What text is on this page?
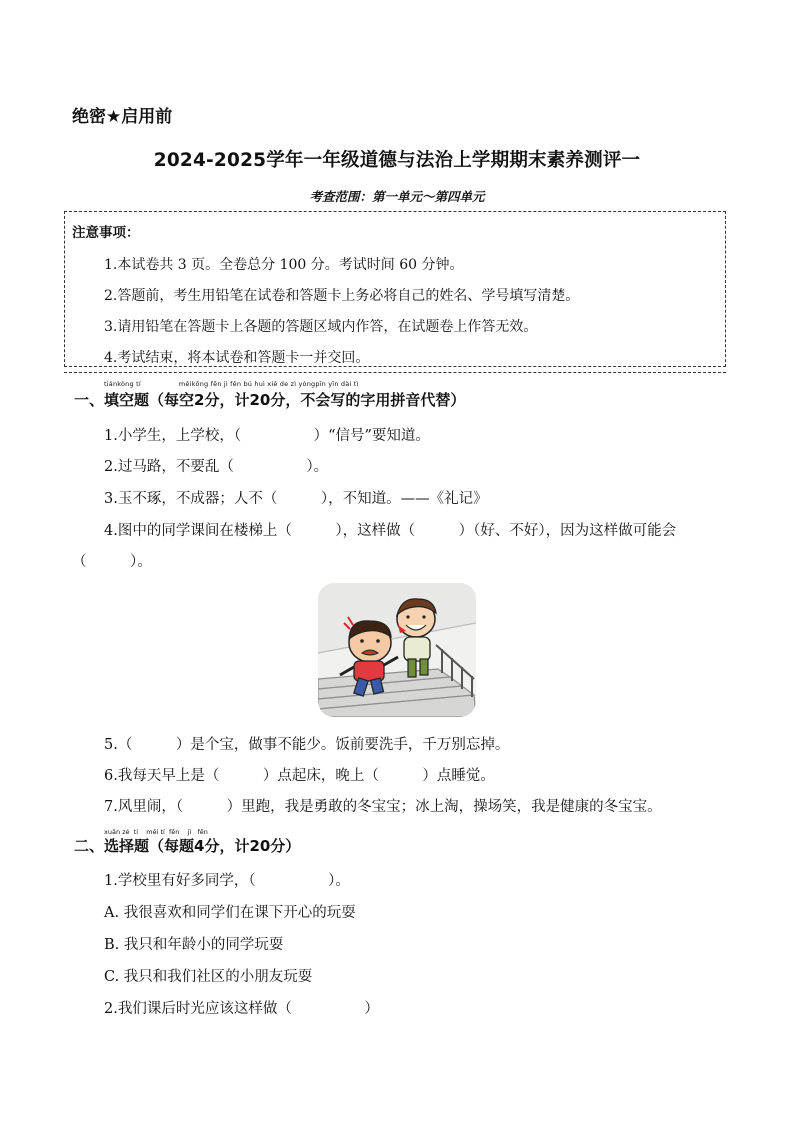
绝密★启用前
2024-2025学年一年级道德与法治上学期期末素养测评一
考查范围：第一单元～第四单元
注意事项：
1.本试卷共 3 页。全卷总分 100 分。考试时间 60 分钟。
2.答题前，考生用铅笔在试卷和答题卡上务必将自己的姓名、学号填写清楚。
3.请用铅笔在答题卡上各题的答题区域内作答，在试题卷上作答无效。
4.考试结束，将本试卷和答题卡一并交回。
tiánkòng tí	měikōng fēn jì fēn bú huì xiě de zì yòngpīn yīn dài tì
一、填空题（每空2分，计20分，不会写的字用拼音代替）
1.小学生，上学校，（　　　　　）“信号”要知道。
2.过马路，不要乱（　　　　　）。
3.玉不琢，不成器；人不（　　　），不知道。——《礼记》
4.图中的同学课间在楼梯上（　　　），这样做（　　　）（好、不好），因为这样做可能会
（　　　）。
5.（　　　）是个宝，做事不能少。饭前要洗手，千万别忘掉。
6.我每天早上是（　　　）点起床，晚上（　　　）点睡觉。
7.风里闹，（　　　）里跑，我是勇敢的冬宝宝；冰上淘，操场笑，我是健康的冬宝宝。
xuǎn zé  tí    měi tí  fēn    jì   fēn
二、选择题（每题4分，计20分）
1.学校里有好多同学，（　　　　　）。
A. 我很喜欢和同学们在课下开心的玩耍
B. 我只和年龄小的同学玩耍
C. 我只和我们社区的小朋友玩耍
2.我们课后时光应该这样做（　　　　　）
